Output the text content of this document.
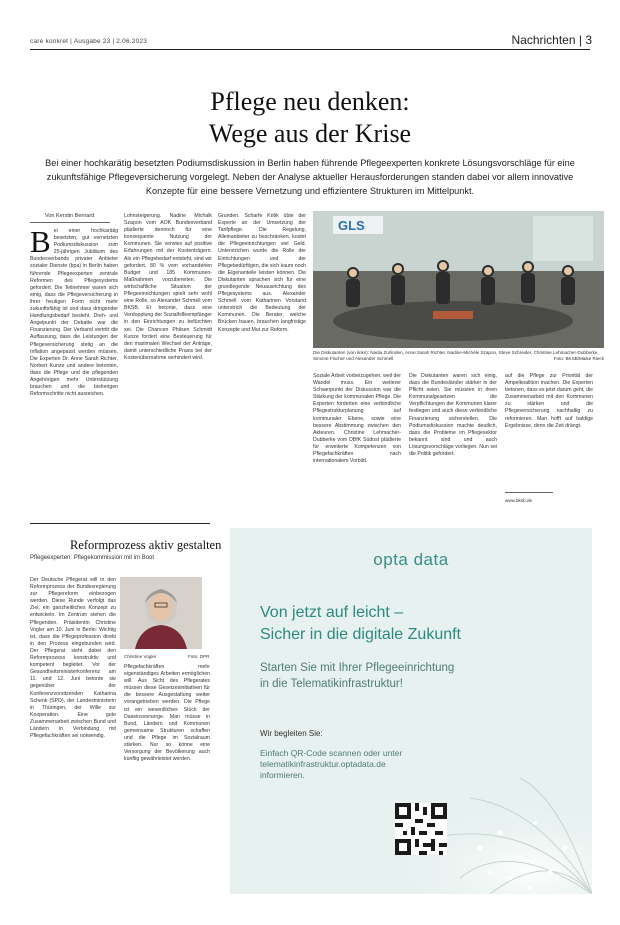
care konkret | Ausgabe 23 | 2.06.2023	Nachrichten | 3
Pflege neu denken:
Wege aus der Krise
Bei einer hochkarätig besetzten Podiumsdiskussion in Berlin haben führende Pflegeexperten konkrete Lösungsvorschläge für eine zukunftsfähige Pflegeversicherung vorgelegt. Neben der Analyse aktueller Herausforderungen standen dabei vor allem innovative Konzepte für eine bessere Vernetzung und effizientere Strukturen im Mittelpunkt.
Von Kerstin Bernard
Bei einer hochkarätig besetzten, gut vernetzten Podiumsdiskussion zum 25-jährigen Jubiläum des Bundesverbands privater Anbieter sozialer Dienste (bpa) in Berlin haben führende Pflegeexperten zentrale Reformen des Pflegesystems gefordert. Die Teilnehmer waren sich einig, dass die Pflegeversicherung in ihrer heutigen Form nicht mehr zukunftsfähig ist und dass dringender Handlungsbedarf besteht. Dreh- und Angelpunkt der Debatte war die Finanzierung. Der Verband vertritt die Auffassung, dass die Leistungen der Pflegeversicherung stetig an die Inflation angepasst werden müssen. Die Experten Dr. Anne Sarah Richter, Norbert Kunze und andere betonten, dass die Pflege und die pflegenden Angehörigen mehr Unterstützung brauchen und die bisherigen Reformschritte nicht ausreichen.
Lohnsteigerung. Nadine Michalk Szapon vom AOK Bundesverband plädierte dennoch für eine konsequente Nutzung der Kommunen. Sie verwies auf positive Erfahrungen mit der Kostenträgern. Als ein Pflegebedarf entsteht, sind wir gefordert, 80 % vom vorhandenen Budget und 185 Kommunen-Maßnahmen vorzubereiten. Die wirtschaftliche Situation der Pflegeeinrichtungen spielt sehr wohl eine Rolle, so Alexander Schmell vom BKSB. Er betonte, dass eine Verdopplung der Sozialhilfeempfänger in den Einrichtungen zu befürchten sei. Die Chancen Philsen Schmidt Kunze fordert eine Besteuerung für den maximalen Wechsel der Anträge, damit unterschiedliche Praxis bei der Kostenübernahme verhindert wird.
Grunden. Scharfe Kritik übte der Experte an der Umsetzung der Tarifpflege. Die Regelung, Alleinanbieter zu beschränken, kostet die Pflegeeinrichtungen viel Geld. Unterstrichen wurde die Rolle der Einrichtungen und der Pflegebedürftigen, die sich kaum noch die Eigenanteile leisten können. Die Diskutanten sprachen sich für eine grundlegende Neuausrichtung des Pflegesystems aus. Alexander Schmell vom Katharinen Vorstand unterstrich die Bedeutung der Kommunen. Die Berater, welche Brücken bauen, brauchen langfristige Konzepte und Mut zur Reform.
GLS
Die Diskutanten (von links): Nadia Zurlinden, Anne Sarah Richter, Nadine-Michèle Szapon, Steve Schreider, Christine Lehmacher-Dubberke, Simone Fischer und Alexander Schmell.	Foto: BKSB/Maike Rieck
Soziale Arbeit vorbeizugehen, weil der Wandel muss. Ein weiterer Schwerpunkt der Diskussion war die Stärkung der kommunalen Pflege. Die Experten forderten eine verbindliche Pflegestrukturplanung auf kommunaler Ebene, sowie eine bessere Abstimmung zwischen den Akteuren. Christine Lehmacher-Dubberke vom DBfK Südost plädierte für erweiterte Kompetenzen von Pflegefachkräften nach internationalem Vorbild.
Die Diskutanten waren sich einig, dass die Bundesländer stärker in der Pflicht seien. Sie müssten in ihren Kommunalgesetzen die Verpflichtungen der Kommunen klarer festlegen und auch diese verbindliche Finanzierung sicherstellen. Die Podiumsdiskussion machte deutlich, dass die Probleme im Pflegesektor bekannt sind und auch Lösungsvorschläge vorliegen. Nun sei die Politik gefordert.
auf die Pflege zur Priorität der Ampelkoalition machen. Die Experten betonen, dass es jetzt darum geht, die Zusammenarbeit mit den Kommunen zu stärken und die Pflegeversicherung nachhaltig zu reformieren. Man hofft auf baldige Ergebnisse, denn die Zeit drängt.
www.bksb.de
Reformprozess aktiv gestalten
Pflegeexperten: Pflegekommission mit im Boot
Der Deutsche Pflegerat will in den Reformprozess der Bundesregierung zur Pflegereform einbezogen werden. Diese Runde verfolgt das Ziel, ein ganzheitliches Konzept zu entwickeln. Im Zentrum stehen die Pflegenden. Präsidentin Christine Vogler am 10. Juni in Berlin: Wichtig ist, dass die Pflegeprofession direkt in den Prozess eingebunden wird. Der Pflegerat sieht dabei den Reformprozess konstruktiv und kompetent begleitet. Vor der Gesundheitsministerkonferenz am 11. und 12. Juni betonte sie gegenüber der Konferenzvorsitzenden Katharina Schenk (SPD), der Landesministerin in Thüringen, der Wille zur Kooperation. Eine gute Zusammenarbeit zwischen Bund und Ländern in Verbindung mit Pflegefachkräften sei notwendig.
Christine Vogler	Foto: DPR
Pflegefachkräften mehr eigenständiges Arbeiten ermöglichen will. Aus Sicht des Pflegerates müssen diese Gesetzesinitiativen für die bessere Ausgestaltung weiter vorangetrieben werden. Die Pflege ist ein wesentliches Stück der Daseinsvorsorge. Man müsse in Bund, Ländern und Kommunen gemeinsame Strukturen schaffen und die Pflege im Sozialraum stärken. Nur so könne eine Versorgung der Bevölkerung auch künftig gewährleistet werden.
opta data
Von jetzt auf leicht –
Sicher in die digitale Zukunft
Starten Sie mit Ihrer Pflegeeinrichtung
in die Telematikinfrastruktur!
Wir begleiten Sie:
Einfach QR-Code scannen oder unter
telematikinfrastruktur.optadata.de
informieren.
